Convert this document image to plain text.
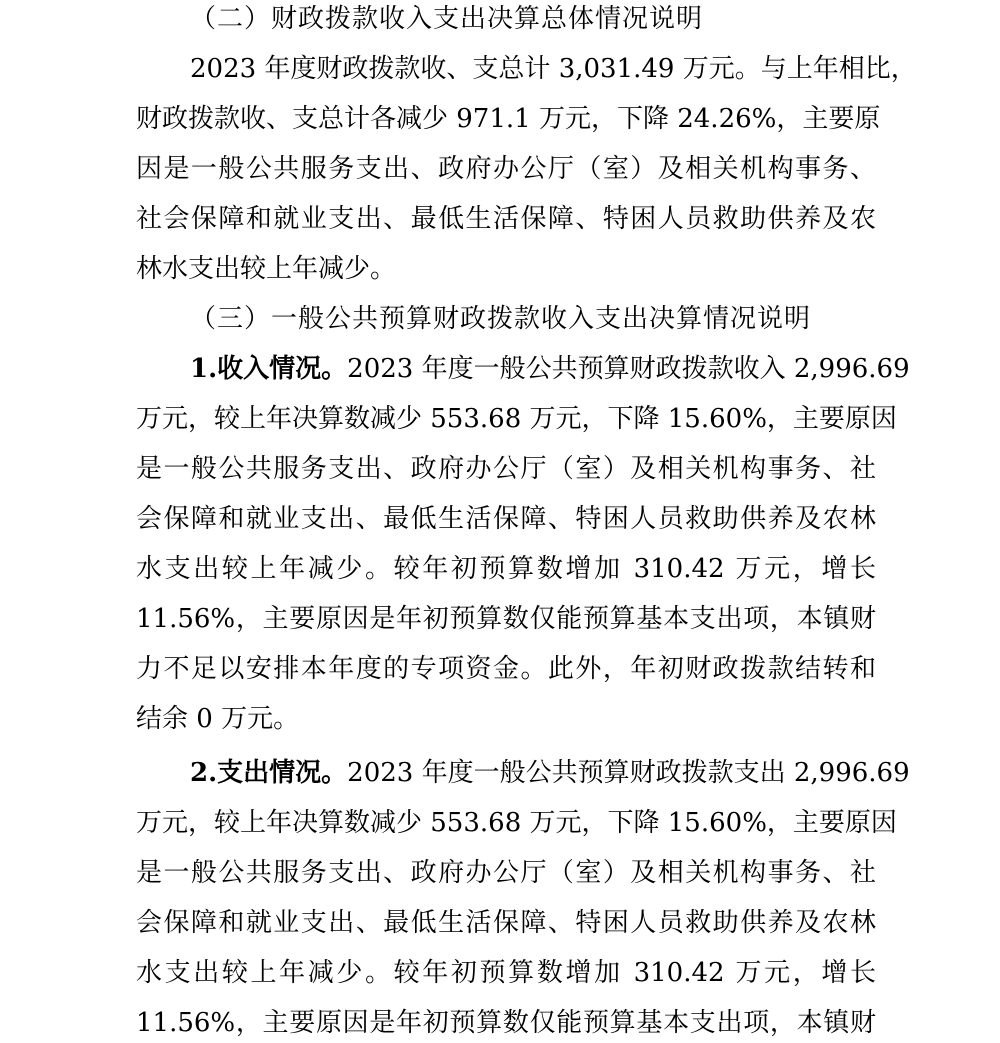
（二）财政拨款收入支出决算总体情况说明
2023 年度财政拨款收、支总计 3,031.49 万元。与上年相比，
财政拨款收、支总计各减少 971.1 万元，下降 24.26%，主要原
因是一般公共服务支出、政府办公厅（室）及相关机构事务、
社会保障和就业支出、最低生活保障、特困人员救助供养及农
林水支出较上年减少。
（三）一般公共预算财政拨款收入支出决算情况说明
1.收入情况。2023 年度一般公共预算财政拨款收入 2,996.69
万元，较上年决算数减少 553.68 万元，下降 15.60%，主要原因
是一般公共服务支出、政府办公厅（室）及相关机构事务、社
会保障和就业支出、最低生活保障、特困人员救助供养及农林
水支出较上年减少。较年初预算数增加 310.42 万元，增长
11.56%，主要原因是年初预算数仅能预算基本支出项，本镇财
力不足以安排本年度的专项资金。此外，年初财政拨款结转和
结余 0 万元。
2.支出情况。2023 年度一般公共预算财政拨款支出 2,996.69
万元，较上年决算数减少 553.68 万元，下降 15.60%，主要原因
是一般公共服务支出、政府办公厅（室）及相关机构事务、社
会保障和就业支出、最低生活保障、特困人员救助供养及农林
水支出较上年减少。较年初预算数增加 310.42 万元，增长
11.56%，主要原因是年初预算数仅能预算基本支出项，本镇财
